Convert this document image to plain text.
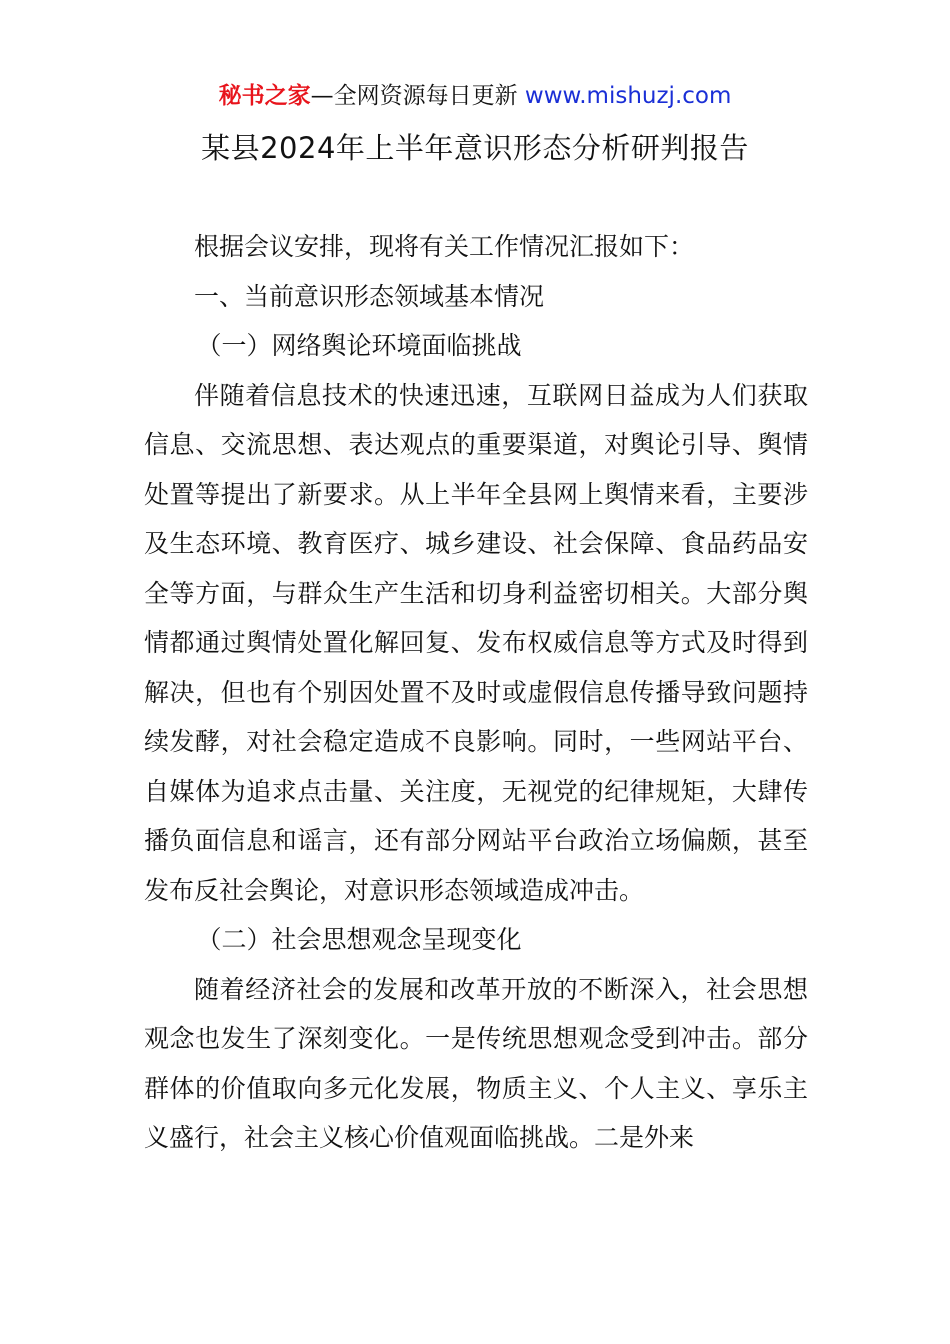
秘书之家—全网资源每日更新 www.mishuzj.com
某县2024年上半年意识形态分析研判报告

根据会议安排，现将有关工作情况汇报如下：

一、当前意识形态领域基本情况

（一）网络舆论环境面临挑战

伴随着信息技术的快速迅速，互联网日益成为人们获取信息、交流思想、表达观点的重要渠道，对舆论引导、舆情处置等提出了新要求。从上半年全县网上舆情来看，主要涉及生态环境、教育医疗、城乡建设、社会保障、食品药品安全等方面，与群众生产生活和切身利益密切相关。大部分舆情都通过舆情处置化解回复、发布权威信息等方式及时得到解决，但也有个别因处置不及时或虚假信息传播导致问题持续发酵，对社会稳定造成不良影响。同时，一些网站平台、自媒体为追求点击量、关注度，无视党的纪律规矩，大肆传播负面信息和谣言，还有部分网站平台政治立场偏颇，甚至发布反社会舆论，对意识形态领域造成冲击。

（二）社会思想观念呈现变化

随着经济社会的发展和改革开放的不断深入，社会思想观念也发生了深刻变化。一是传统思想观念受到冲击。部分群体的价值取向多元化发展，物质主义、个人主义、享乐主义盛行，社会主义核心价值观面临挑战。二是外来
